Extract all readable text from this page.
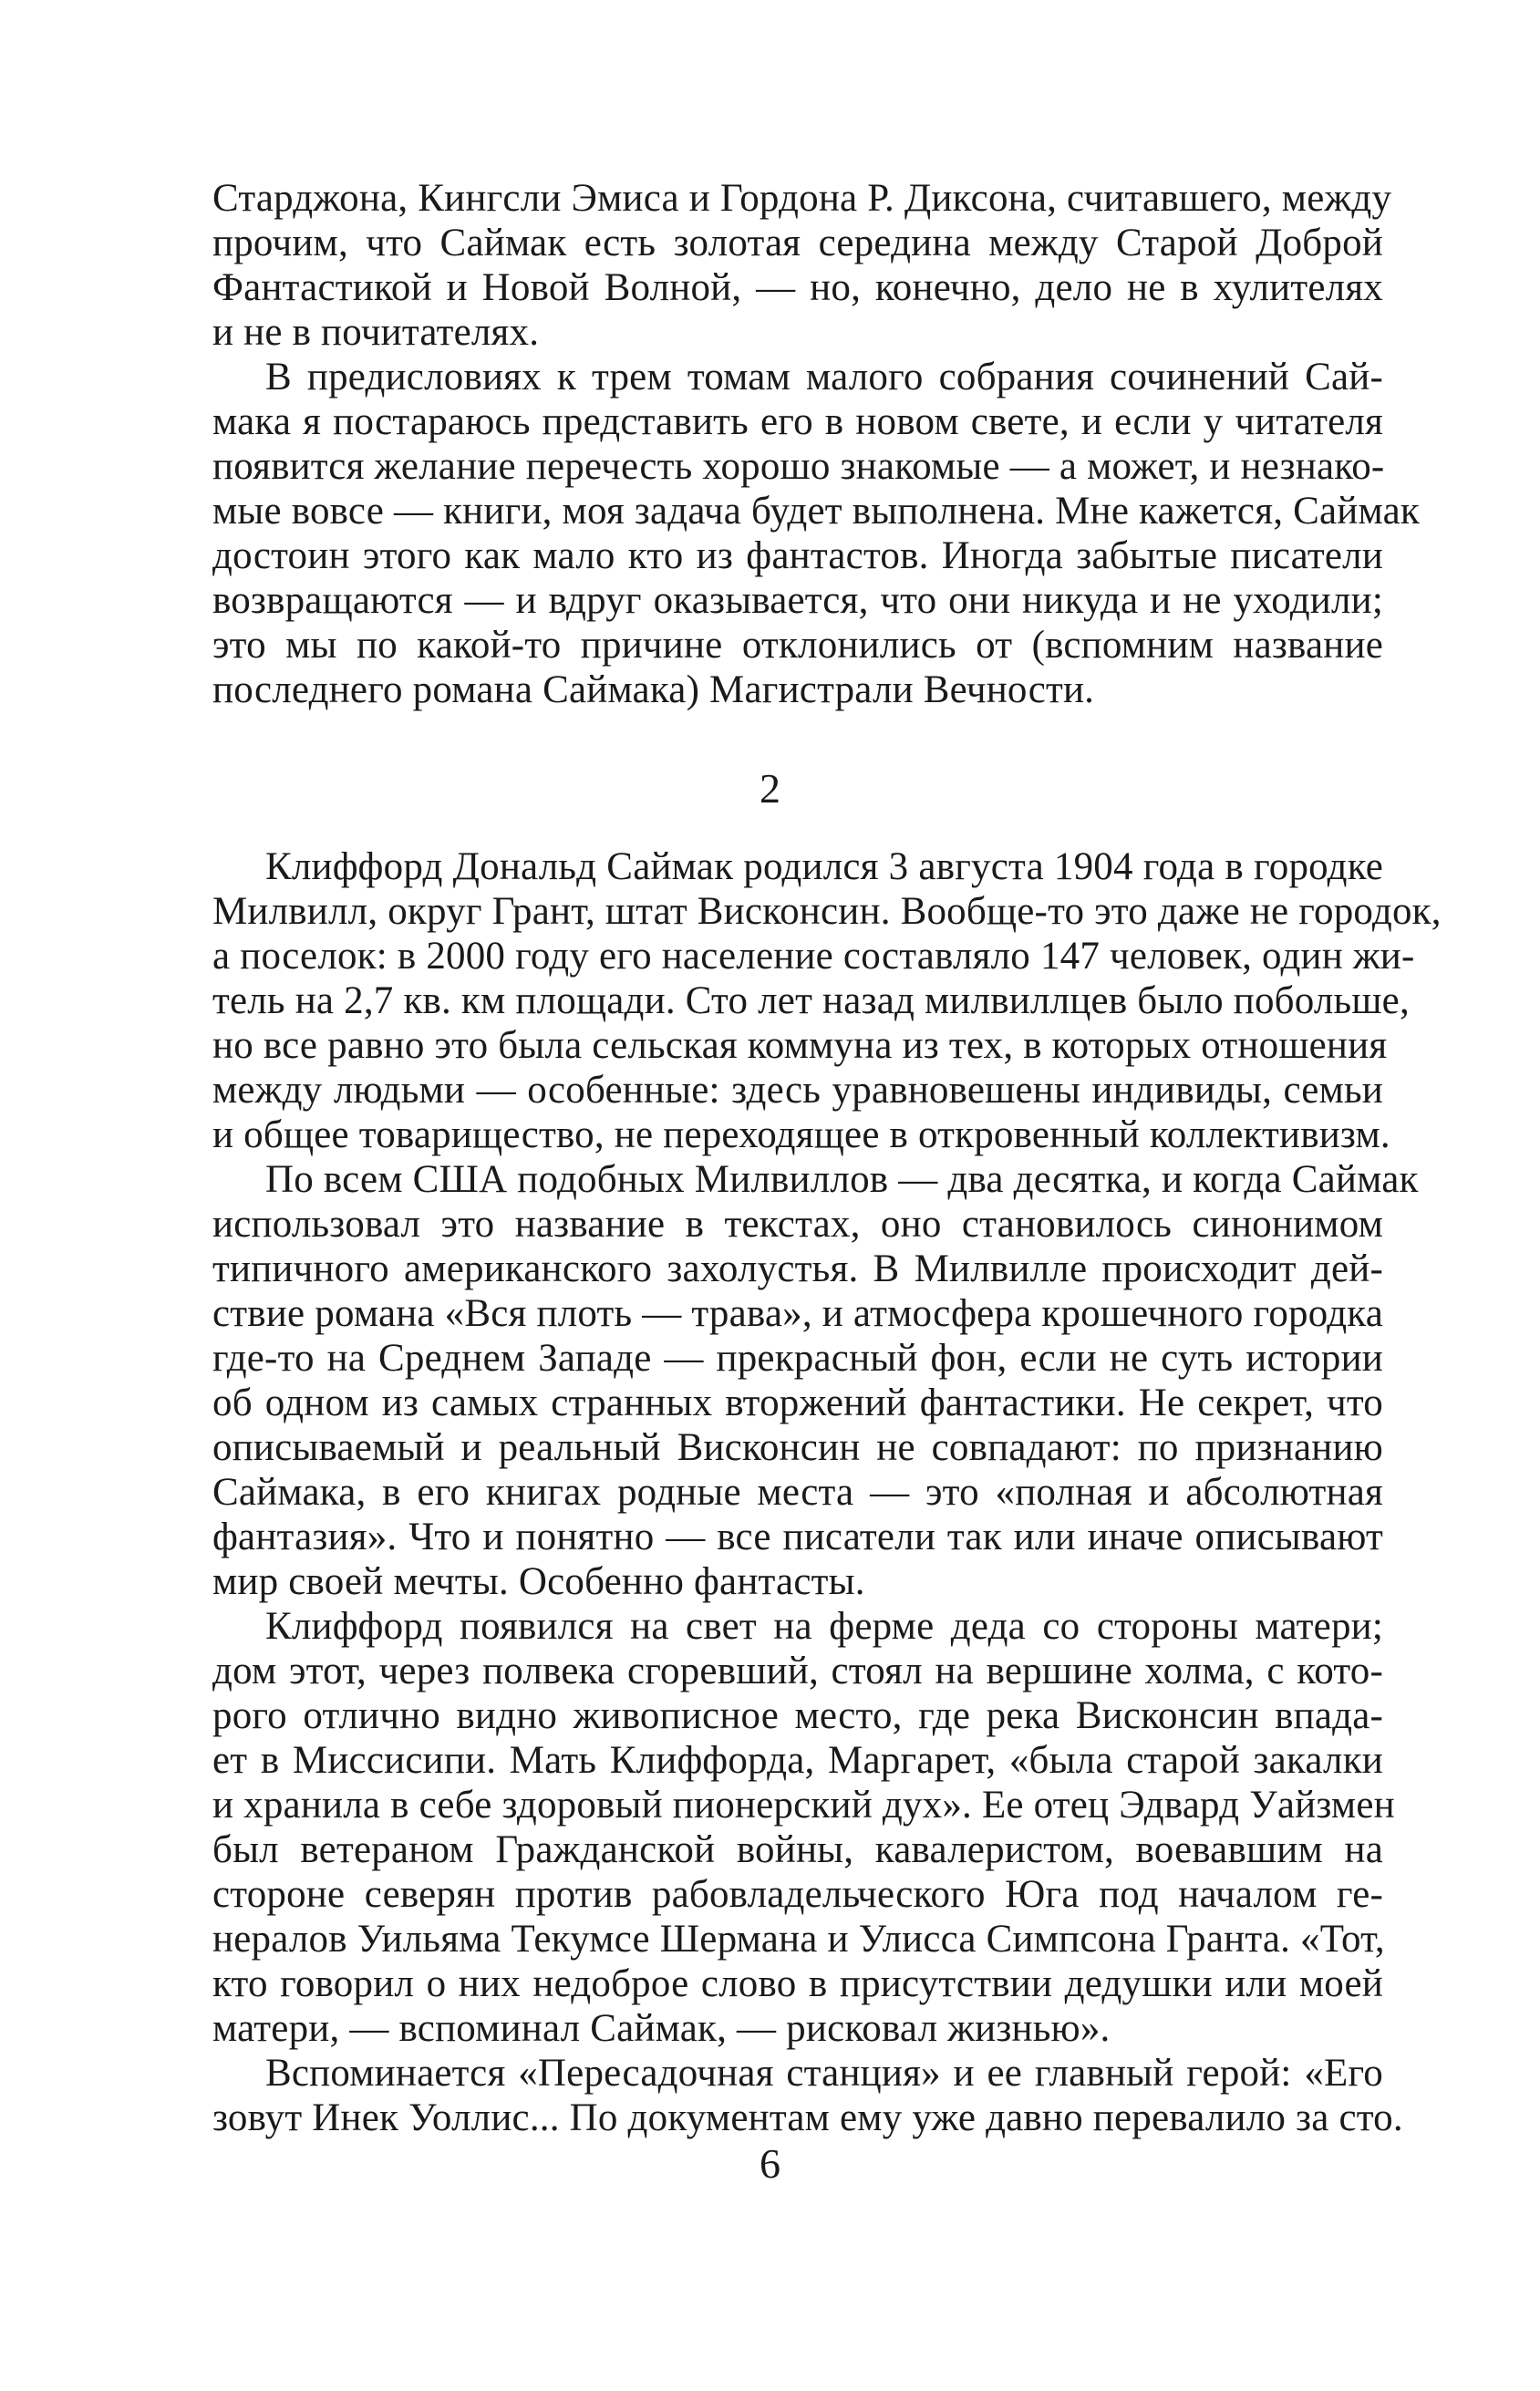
Старджона, Кингсли Эмиса и Гордона Р. Диксона, считавшего, между
прочим, что Саймак есть золотая середина между Старой Доброй
Фантастикой и Новой Волной, — но, конечно, дело не в хулителях
и не в почитателях.

В предисловиях к трем томам малого собрания сочинений Сай-
мака я постараюсь представить его в новом свете, и если у читателя
появится желание перечесть хорошо знакомые — а может, и незнако-
мые вовсе — книги, моя задача будет выполнена. Мне кажется, Саймак
достоин этого как мало кто из фантастов. Иногда забытые писатели
возвращаются — и вдруг оказывается, что они никуда и не уходили;
это мы по какой-то причине отклонились от (вспомним название
последнего романа Саймака) Магистрали Вечности.

2

Клиффорд Дональд Саймак родился 3 августа 1904 года в городке
Милвилл, округ Грант, штат Висконсин. Вообще-то это даже не городок,
а поселок: в 2000 году его население составляло 147 человек, один жи-
тель на 2,7 кв. км площади. Сто лет назад милвиллцев было побольше,
но все равно это была сельская коммуна из тех, в которых отношения
между людьми — особенные: здесь уравновешены индивиды, семьи
и общее товарищество, не переходящее в откровенный коллективизм.

По всем США подобных Милвиллов — два десятка, и когда Саймак
использовал это название в текстах, оно становилось синонимом
типичного американского захолустья. В Милвилле происходит дей-
ствие романа «Вся плоть — трава», и атмосфера крошечного городка
где-то на Среднем Западе — прекрасный фон, если не суть истории
об одном из самых странных вторжений фантастики. Не секрет, что
описываемый и реальный Висконсин не совпадают: по признанию
Саймака, в его книгах родные места — это «полная и абсолютная
фантазия». Что и понятно — все писатели так или иначе описывают
мир своей мечты. Особенно фантасты.

Клиффорд появился на свет на ферме деда со стороны матери;
дом этот, через полвека сгоревший, стоял на вершине холма, с кото-
рого отлично видно живописное место, где река Висконсин впада-
ет в Миссисипи. Мать Клиффорда, Маргарет, «была старой закалки
и хранила в себе здоровый пионерский дух». Ее отец Эдвард Уайзмен
был ветераном Гражданской войны, кавалеристом, воевавшим на
стороне северян против рабовладельческого Юга под началом ге-
нералов Уильяма Текумсе Шермана и Улисса Симпсона Гранта. «Тот,
кто говорил о них недоброе слово в присутствии дедушки или моей
матери, — вспоминал Саймак, — рисковал жизнью».

Вспоминается «Пересадочная станция» и ее главный герой: «Его
зовут Инек Уоллис... По документам ему уже давно перевалило за сто.

6
